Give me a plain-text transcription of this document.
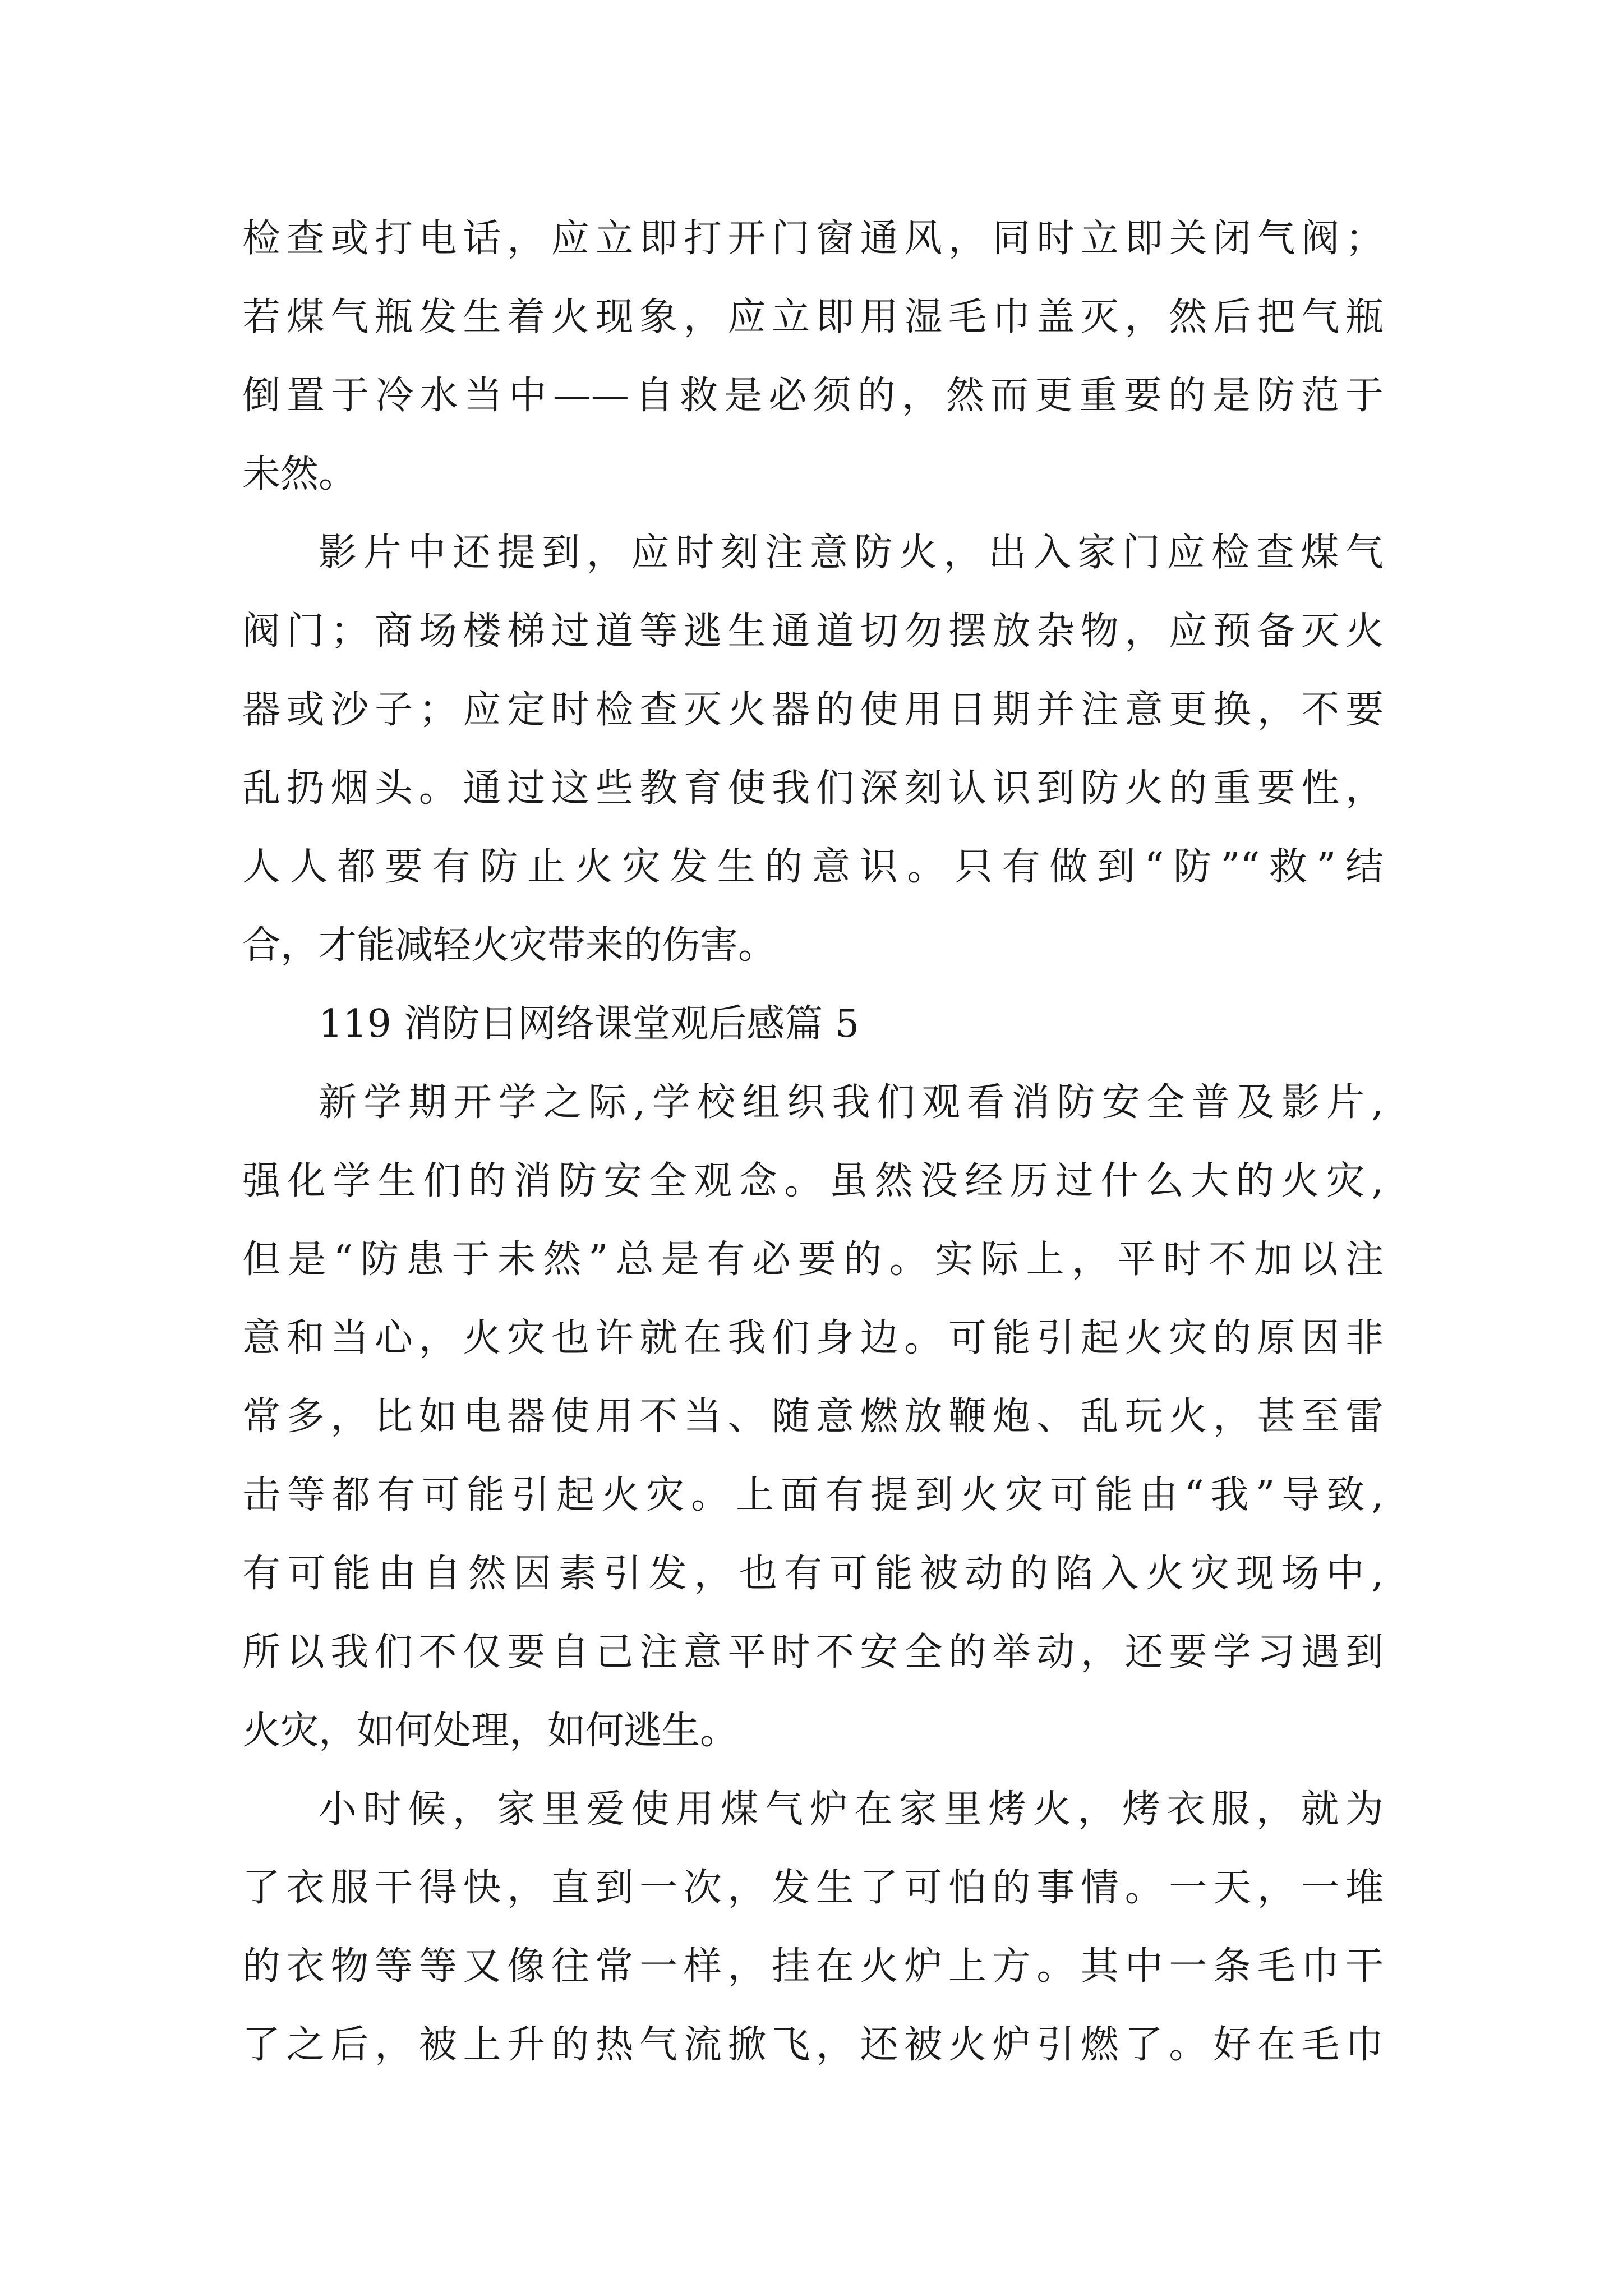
检查或打电话，应立即打开门窗通风，同时立即关闭气阀；
若煤气瓶发生着火现象，应立即用湿毛巾盖灭，然后把气瓶
倒置于冷水当中——自救是必须的，然而更重要的是防范于
未然。
影片中还提到，应时刻注意防火，出入家门应检查煤气
阀门；商场楼梯过道等逃生通道切勿摆放杂物，应预备灭火
器或沙子；应定时检查灭火器的使用日期并注意更换，不要
乱扔烟头。通过这些教育使我们深刻认识到防火的重要性，
人人都要有防止火灾发生的意识。只有做到“防”“救”结
合，才能减轻火灾带来的伤害。
119 消防日网络课堂观后感篇 5
新学期开学之际,学校组织我们观看消防安全普及影片,
强化学生们的消防安全观念。虽然没经历过什么大的火灾,
但是“防患于未然”总是有必要的。实际上，平时不加以注
意和当心，火灾也许就在我们身边。可能引起火灾的原因非
常多，比如电器使用不当、随意燃放鞭炮、乱玩火，甚至雷
击等都有可能引起火灾。上面有提到火灾可能由“我”导致,
有可能由自然因素引发，也有可能被动的陷入火灾现场中,
所以我们不仅要自己注意平时不安全的举动，还要学习遇到
火灾，如何处理，如何逃生。
小时候，家里爱使用煤气炉在家里烤火，烤衣服，就为
了衣服干得快，直到一次，发生了可怕的事情。一天，一堆
的衣物等等又像往常一样，挂在火炉上方。其中一条毛巾干
了之后，被上升的热气流掀飞，还被火炉引燃了。好在毛巾
